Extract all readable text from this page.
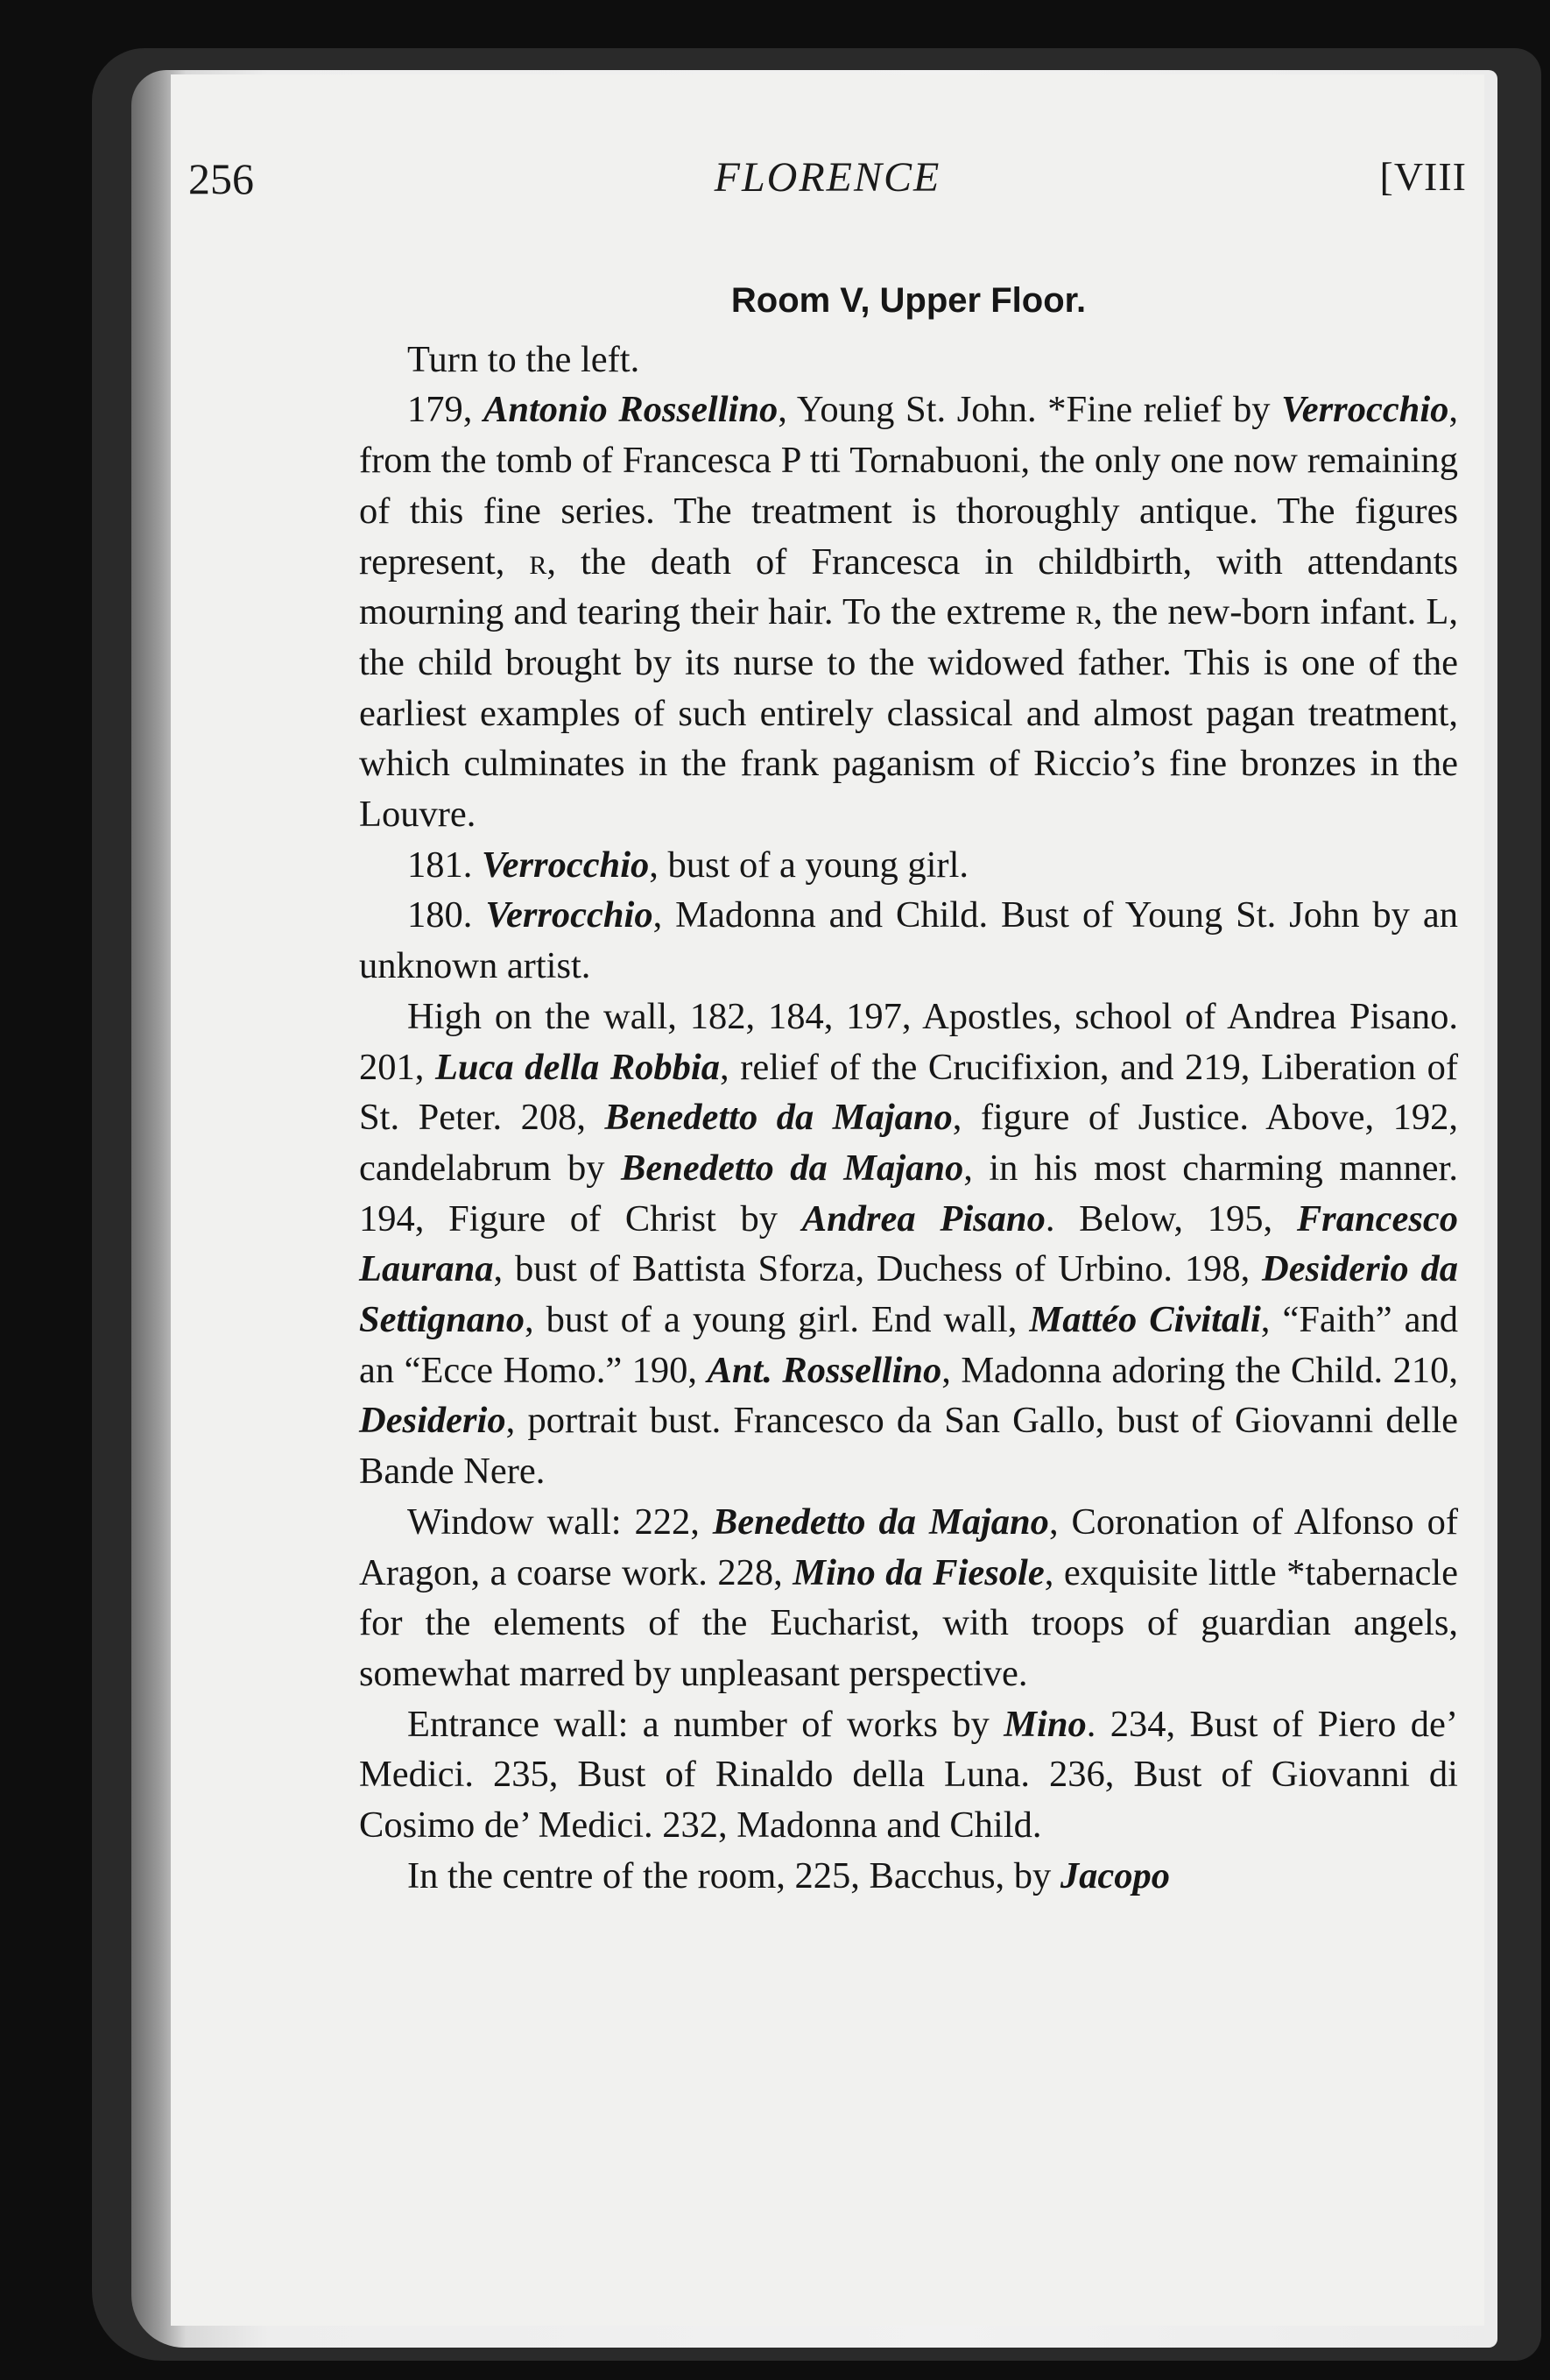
256	FLORENCE	[VIII

Room V, Upper Floor.

Turn to the left.

179, Antonio Rossellino, Young St. John. *Fine relief by Verrocchio, from the tomb of Francesca P tti Tornabuoni, the only one now remaining of this fine series. The treatment is thoroughly antique. The figures represent, r, the death of Francesca in childbirth, with attendants mourning and tearing their hair. To the extreme r, the new-born infant. L, the child brought by its nurse to the widowed father. This is one of the earliest examples of such entirely classical and almost pagan treatment, which culminates in the frank paganism of Riccio’s fine bronzes in the Louvre.

181. Verrocchio, bust of a young girl.

180. Verrocchio, Madonna and Child. Bust of Young St. John by an unknown artist.

High on the wall, 182, 184, 197, Apostles, school of Andrea Pisano. 201, Luca della Robbia, relief of the Crucifixion, and 219, Liberation of St. Peter. 208, Benedetto da Majano, figure of Justice. Above, 192, candelabrum by Benedetto da Majano, in his most charming manner. 194, Figure of Christ by Andrea Pisano. Below, 195, Francesco Laurana, bust of Battista Sforza, Duchess of Urbino. 198, Desiderio da Settignano, bust of a young girl. End wall, Mattéo Civitali, “Faith” and an “Ecce Homo.” 190, Ant. Rossellino, Madonna adoring the Child. 210, Desiderio, portrait bust. Francesco da San Gallo, bust of Giovanni delle Bande Nere.

Window wall: 222, Benedetto da Majano, Coronation of Alfonso of Aragon, a coarse work. 228, Mino da Fiesole, exquisite little *tabernacle for the elements of the Eucharist, with troops of guardian angels, somewhat marred by unpleasant perspective.

Entrance wall: a number of works by Mino. 234, Bust of Piero de’ Medici. 235, Bust of Rinaldo della Luna. 236, Bust of Giovanni di Cosimo de’ Medici. 232, Madonna and Child.

In the centre of the room, 225, Bacchus, by Jacopo
